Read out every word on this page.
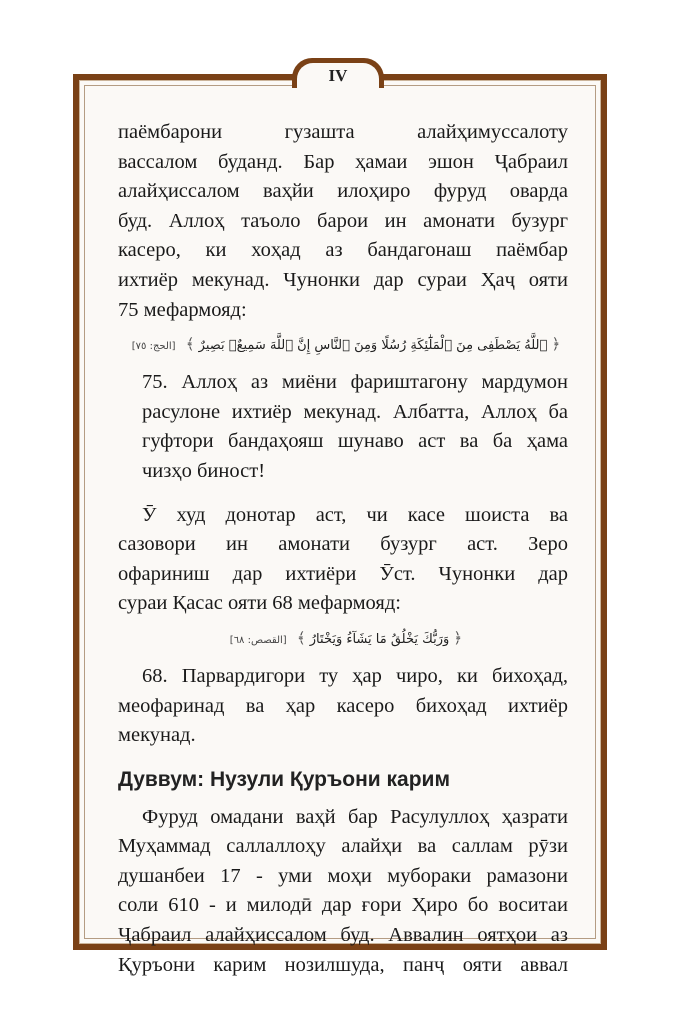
IV

паёмбарони гузашта алайҳимуссалоту

вассалом буданд. Бар ҳамаи эшон Ҷабраил

алайҳиссалом ваҳйи илоҳиро фуруд оварда

буд. Аллоҳ таъоло барои ин амонати бузург

касеро, ки хоҳад аз бандагонаш паёмбар

ихтиёр мекунад. Чунонки дар сураи Ҳаҷ ояти

75 мефармояд:

﴿ ٱللَّهُ يَصْطَفِى مِنَ ٱلْمَلَٰٓئِكَةِ رُسُلًا وَمِنَ ٱلنَّاسِ إِنَّ ٱللَّهَ سَمِيعٌۢ بَصِيرٌ ﴾ [الحج: ٧٥]

75. Аллоҳ аз миёни фариштагону мардумон

расулоне ихтиёр мекунад. Албатта, Аллоҳ ба

гуфтори бандаҳояш шунаво аст ва ба ҳама

чизҳо биност!

Ӯ худ донотар аст, чи касе шоиста ва

сазовори ин амонати бузург аст. Зеро

офариниш дар ихтиёри Ӯст. Чунонки дар

сураи Қасас ояти 68 мефармояд:

﴿ وَرَبُّكَ يَخْلُقُ مَا يَشَآءُ وَيَخْتَارُ ﴾ [القصص: ٦٨]

68. Парвардигори ту ҳар чиро, ки бихоҳад,

меофаринад ва ҳар касеро бихоҳад ихтиёр

мекунад.

Дуввум: Нузули Қуръони карим

Фуруд омадани ваҳй бар Расулуллоҳ ҳазрати

Муҳаммад саллаллоҳу алайҳи ва саллам рӯзи

душанбеи 17 - уми моҳи муборaки рамазони

соли 610 - и милодӣ дар ғори Ҳиро бо воситаи

Ҷабраил алайҳиссалом буд. Аввалин оятҳои аз

Қуръони карим нозилшуда, панҷ ояти аввал
